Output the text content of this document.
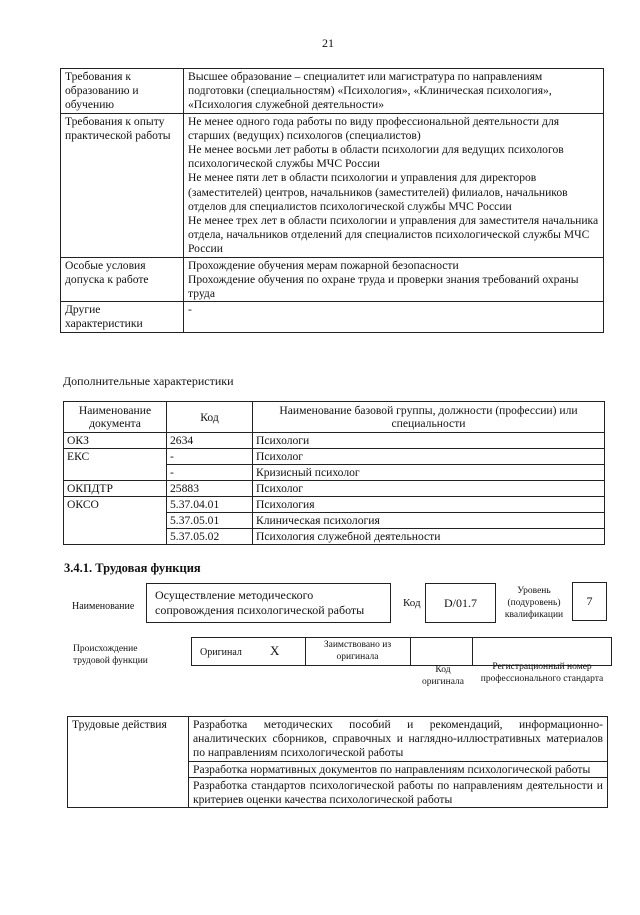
21
Требования к образованию и обучению	Высшее образование – специалитет или магистратура по направлениям подготовки (специальностям) «Психология», «Клиническая психология», «Психология служебной деятельности»

Требования к опыту практической работы	Не менее одного года работы по виду профессиональной деятельности для старших (ведущих) психологов (специалистов)
Не менее восьми лет работы в области психологии для ведущих психологов психологической службы МЧС России
Не менее пяти лет в области психологии и управления для директоров (заместителей) центров, начальников (заместителей) филиалов, начальников отделов для специалистов психологической службы МЧС России
Не менее трех лет в области психологии и управления для заместителя начальника отдела, начальников отделений для специалистов психологической службы МЧС России

Особые условия допуска к работе	Прохождение обучения мерам пожарной безопасности
Прохождение обучения по охране труда и проверки знания требований охраны труда

Другие характеристики	-
Дополнительные характеристики
Наименование документа	Код	Наименование базовой группы, должности (профессии) или специальности
ОКЗ	2634	Психологи
ЕКС	-	Психолог
	-	Кризисный психолог
ОКПДТР	25883	Психолог
ОКСО	5.37.04.01	Психология
	5.37.05.01	Клиническая психология
	5.37.05.02	Психология служебной деятельности
3.4.1. Трудовая функция
Наименование
Осуществление методического сопровождения психологической работы	Код	D/01.7
Уровень (подуровень) квалификации
7
Происхождение трудовой функции
Оригинал X	Заимствовано из оригинала
Код оригинала
Регистрационный номер профессионального стандарта
Трудовые действия	Разработка методических пособий и рекомендаций, информационно-аналитических сборников, справочных и наглядно-иллюстративных материалов по направлениям психологической работы
Разработка нормативных документов по направлениям психологической работы
Разработка стандартов психологической работы по направлениям деятельности и критериев оценки качества психологической работы
